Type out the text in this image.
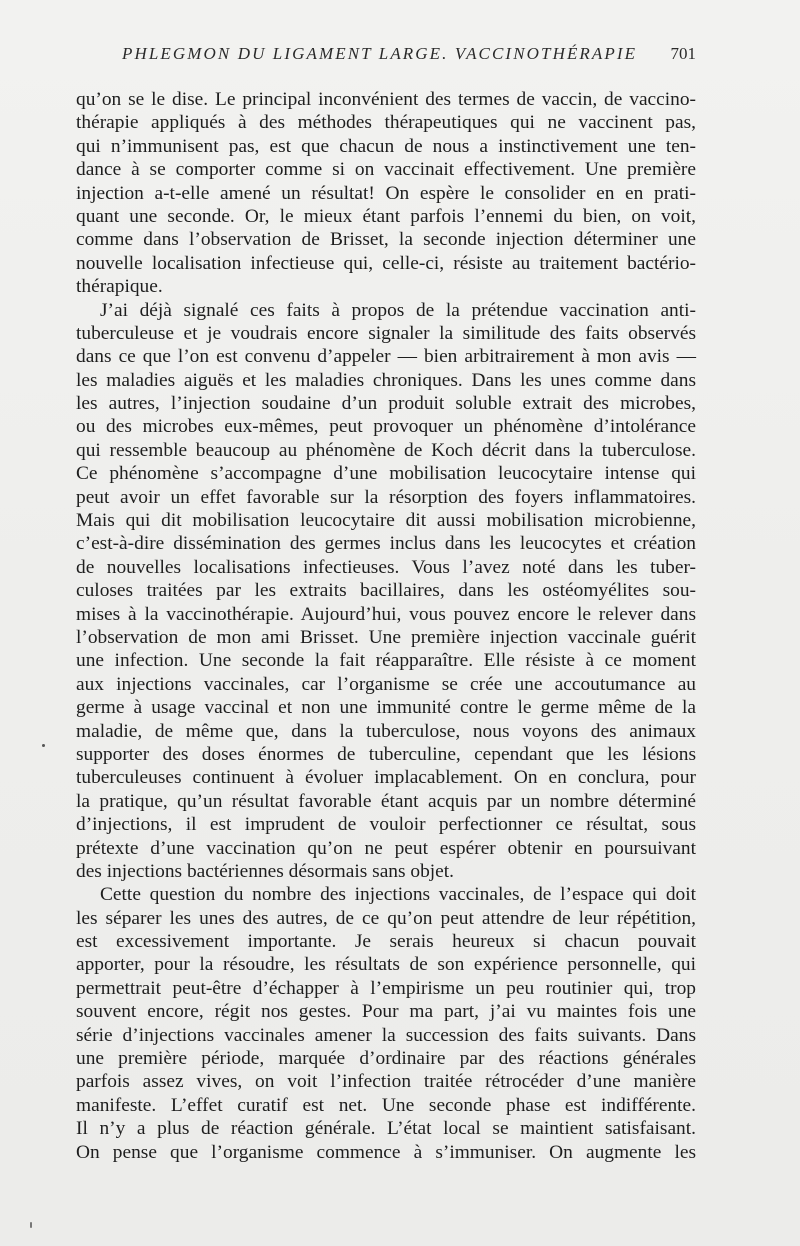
PHLEGMON DU LIGAMENT LARGE. VACCINOTHÉRAPIE 701
qu’on se le dise. Le principal inconvénient des termes de vaccin, de vaccino-
thérapie appliqués à des méthodes thérapeutiques qui ne vaccinent pas,
qui n’immunisent pas, est que chacun de nous a instinctivement une ten-
dance à se comporter comme si on vaccinait effectivement. Une première
injection a-t-elle amené un résultat! On espère le consolider en en prati-
quant une seconde. Or, le mieux étant parfois l’ennemi du bien, on voit,
comme dans l’observation de Brisset, la seconde injection déterminer une
nouvelle localisation infectieuse qui, celle-ci, résiste au traitement bactério-
thérapique.
J’ai déjà signalé ces faits à propos de la prétendue vaccination anti-
tuberculeuse et je voudrais encore signaler la similitude des faits observés
dans ce que l’on est convenu d’appeler — bien arbitrairement à mon avis —
les maladies aiguës et les maladies chroniques. Dans les unes comme dans
les autres, l’injection soudaine d’un produit soluble extrait des microbes,
ou des microbes eux-mêmes, peut provoquer un phénomène d’intolérance
qui ressemble beaucoup au phénomène de Koch décrit dans la tuberculose.
Ce phénomène s’accompagne d’une mobilisation leucocytaire intense qui
peut avoir un effet favorable sur la résorption des foyers inflammatoires.
Mais qui dit mobilisation leucocytaire dit aussi mobilisation microbienne,
c’est-à-dire dissémination des germes inclus dans les leucocytes et création
de nouvelles localisations infectieuses. Vous l’avez noté dans les tuber-
culoses traitées par les extraits bacillaires, dans les ostéomyélites sou-
mises à la vaccinothérapie. Aujourd’hui, vous pouvez encore le relever dans
l’observation de mon ami Brisset. Une première injection vaccinale guérit
une infection. Une seconde la fait réapparaître. Elle résiste à ce moment
aux injections vaccinales, car l’organisme se crée une accoutumance au
germe à usage vaccinal et non une immunité contre le germe même de la
maladie, de même que, dans la tuberculose, nous voyons des animaux
supporter des doses énormes de tuberculine, cependant que les lésions
tuberculeuses continuent à évoluer implacablement. On en conclura, pour
la pratique, qu’un résultat favorable étant acquis par un nombre déterminé
d’injections, il est imprudent de vouloir perfectionner ce résultat, sous
prétexte d’une vaccination qu’on ne peut espérer obtenir en poursuivant
des injections bactériennes désormais sans objet.
Cette question du nombre des injections vaccinales, de l’espace qui doit
les séparer les unes des autres, de ce qu’on peut attendre de leur répétition,
est excessivement importante. Je serais heureux si chacun pouvait
apporter, pour la résoudre, les résultats de son expérience personnelle, qui
permettrait peut-être d’échapper à l’empirisme un peu routinier qui, trop
souvent encore, régit nos gestes. Pour ma part, j’ai vu maintes fois une
série d’injections vaccinales amener la succession des faits suivants. Dans
une première période, marquée d’ordinaire par des réactions générales
parfois assez vives, on voit l’infection traitée rétrocéder d’une manière
manifeste. L’effet curatif est net. Une seconde phase est indifférente.
Il n’y a plus de réaction générale. L’état local se maintient satisfaisant.
On pense que l’organisme commence à s’immuniser. On augmente les
